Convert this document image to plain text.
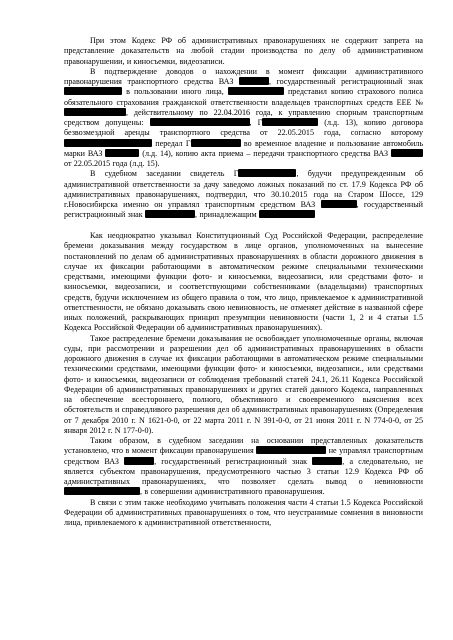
При этом Кодекс РФ об административных правонарушениях не содержит запрета на представление доказательств на любой стадии производства по делу об административном правонарушении, и киносъемки, видеозаписи.

В подтверждение доводов о нахождении в момент фиксации административного правонарушения транспортного средства ВАЗ	, государственный регистрационный знак  в пользовании иного лица,	представил копию страхового полиса обязательного страхования гражданской ответственности владельцев транспортных средств ЕЕЕ № , действительному по 22.04.2016 года, к управлению спорным транспортным средством допущены:	, Г	(л.д. 13), копию договора безвозмездной аренды транспортного средства от 22.05.2015 года, согласно которому  передал Г	во временное владение и пользование автомобиль марки ВАЗ	(л.д. 14), копию акта приема – передачи транспортного средства ВАЗ  от 22.05.2015 года (л.д. 15).

В судебном заседании свидетель Г	, будучи предупрежденным об административной ответственности за дачу заведомо ложных показаний по ст. 17.9 Кодекса РФ об административных правонарушениях, подтвердил, что 30.10.2015 года на Старом Шоссе, 129 г.Новосибирска именно он управлял транспортным средством ВАЗ	, государственный регистрационный знак	, принадлежащим

Как неоднократно указывал Конституционный Суд Российской Федерации, распределение бремени доказывания между государством в лице органов, уполномоченных на вынесение постановлений по делам об административных правонарушениях в области дорожного движения в случае их фиксации работающими в автоматическом режиме специальными техническими средствами, имеющими функции фото- и киносъемки, видеозаписи, или средствами фото- и киносъемки, видеозаписи, и соответствующими собственниками (владельцами) транспортных средств, будучи исключением из общего правила о том, что лицо, привлекаемое к административной ответственности, не обязано доказывать свою невиновность, не отменяет действие в названной сфере иных положений, раскрывающих принцип презумпции невиновности (части 1, 2 и 4 статьи 1.5 Кодекса Российской Федерации об административных правонарушениях).

Такое распределение бремени доказывания не освобождает уполномоченные органы, включая суды, при рассмотрении и разрешении дел об административных правонарушениях в области дорожного движения в случае их фиксации работающими в автоматическом режиме специальными техническими средствами, имеющими функции фото- и киносъемки, видеозаписи., или средствами фото- и киносъемки, видеозаписи от соблюдения требований статей 24.1, 26.11 Кодекса Российской Федерации об административных правонарушениях и других статей данного Кодекса, направленных на обеспечение всестороннего, полного, объективного и своевременного выяснения всех обстоятельств и справедливого разрешения дел об административных правонарушениях (Определения от 7 декабря 2010 г. N 1621-0-0, от 22 марта 2011 г. N 391-0-0, от 21 июня 2011 г. N 774-0-0, от 25 января 2012 г. N 177-0-0).

Таким образом, в судебном заседании на основании представленных доказательств установлено, что в момент фиксации правонарушения	не управлял транспортным средством ВАЗ	, государственный регистрационный знак	, а следовательно, не является субъектом правонарушения, предусмотренного частью 3 статьи 12.9 Кодекса РФ об административных правонарушениях, что позволяет сделать вывод о невиновности , в совершении административного правонарушения.

В связи с этим также необходимо учитывать положения части 4 статьи 1.5 Кодекса Российской Федерации об административных правонарушениях о том, что неустранимые сомнения в виновности лица, привлекаемого к административной ответственности,
